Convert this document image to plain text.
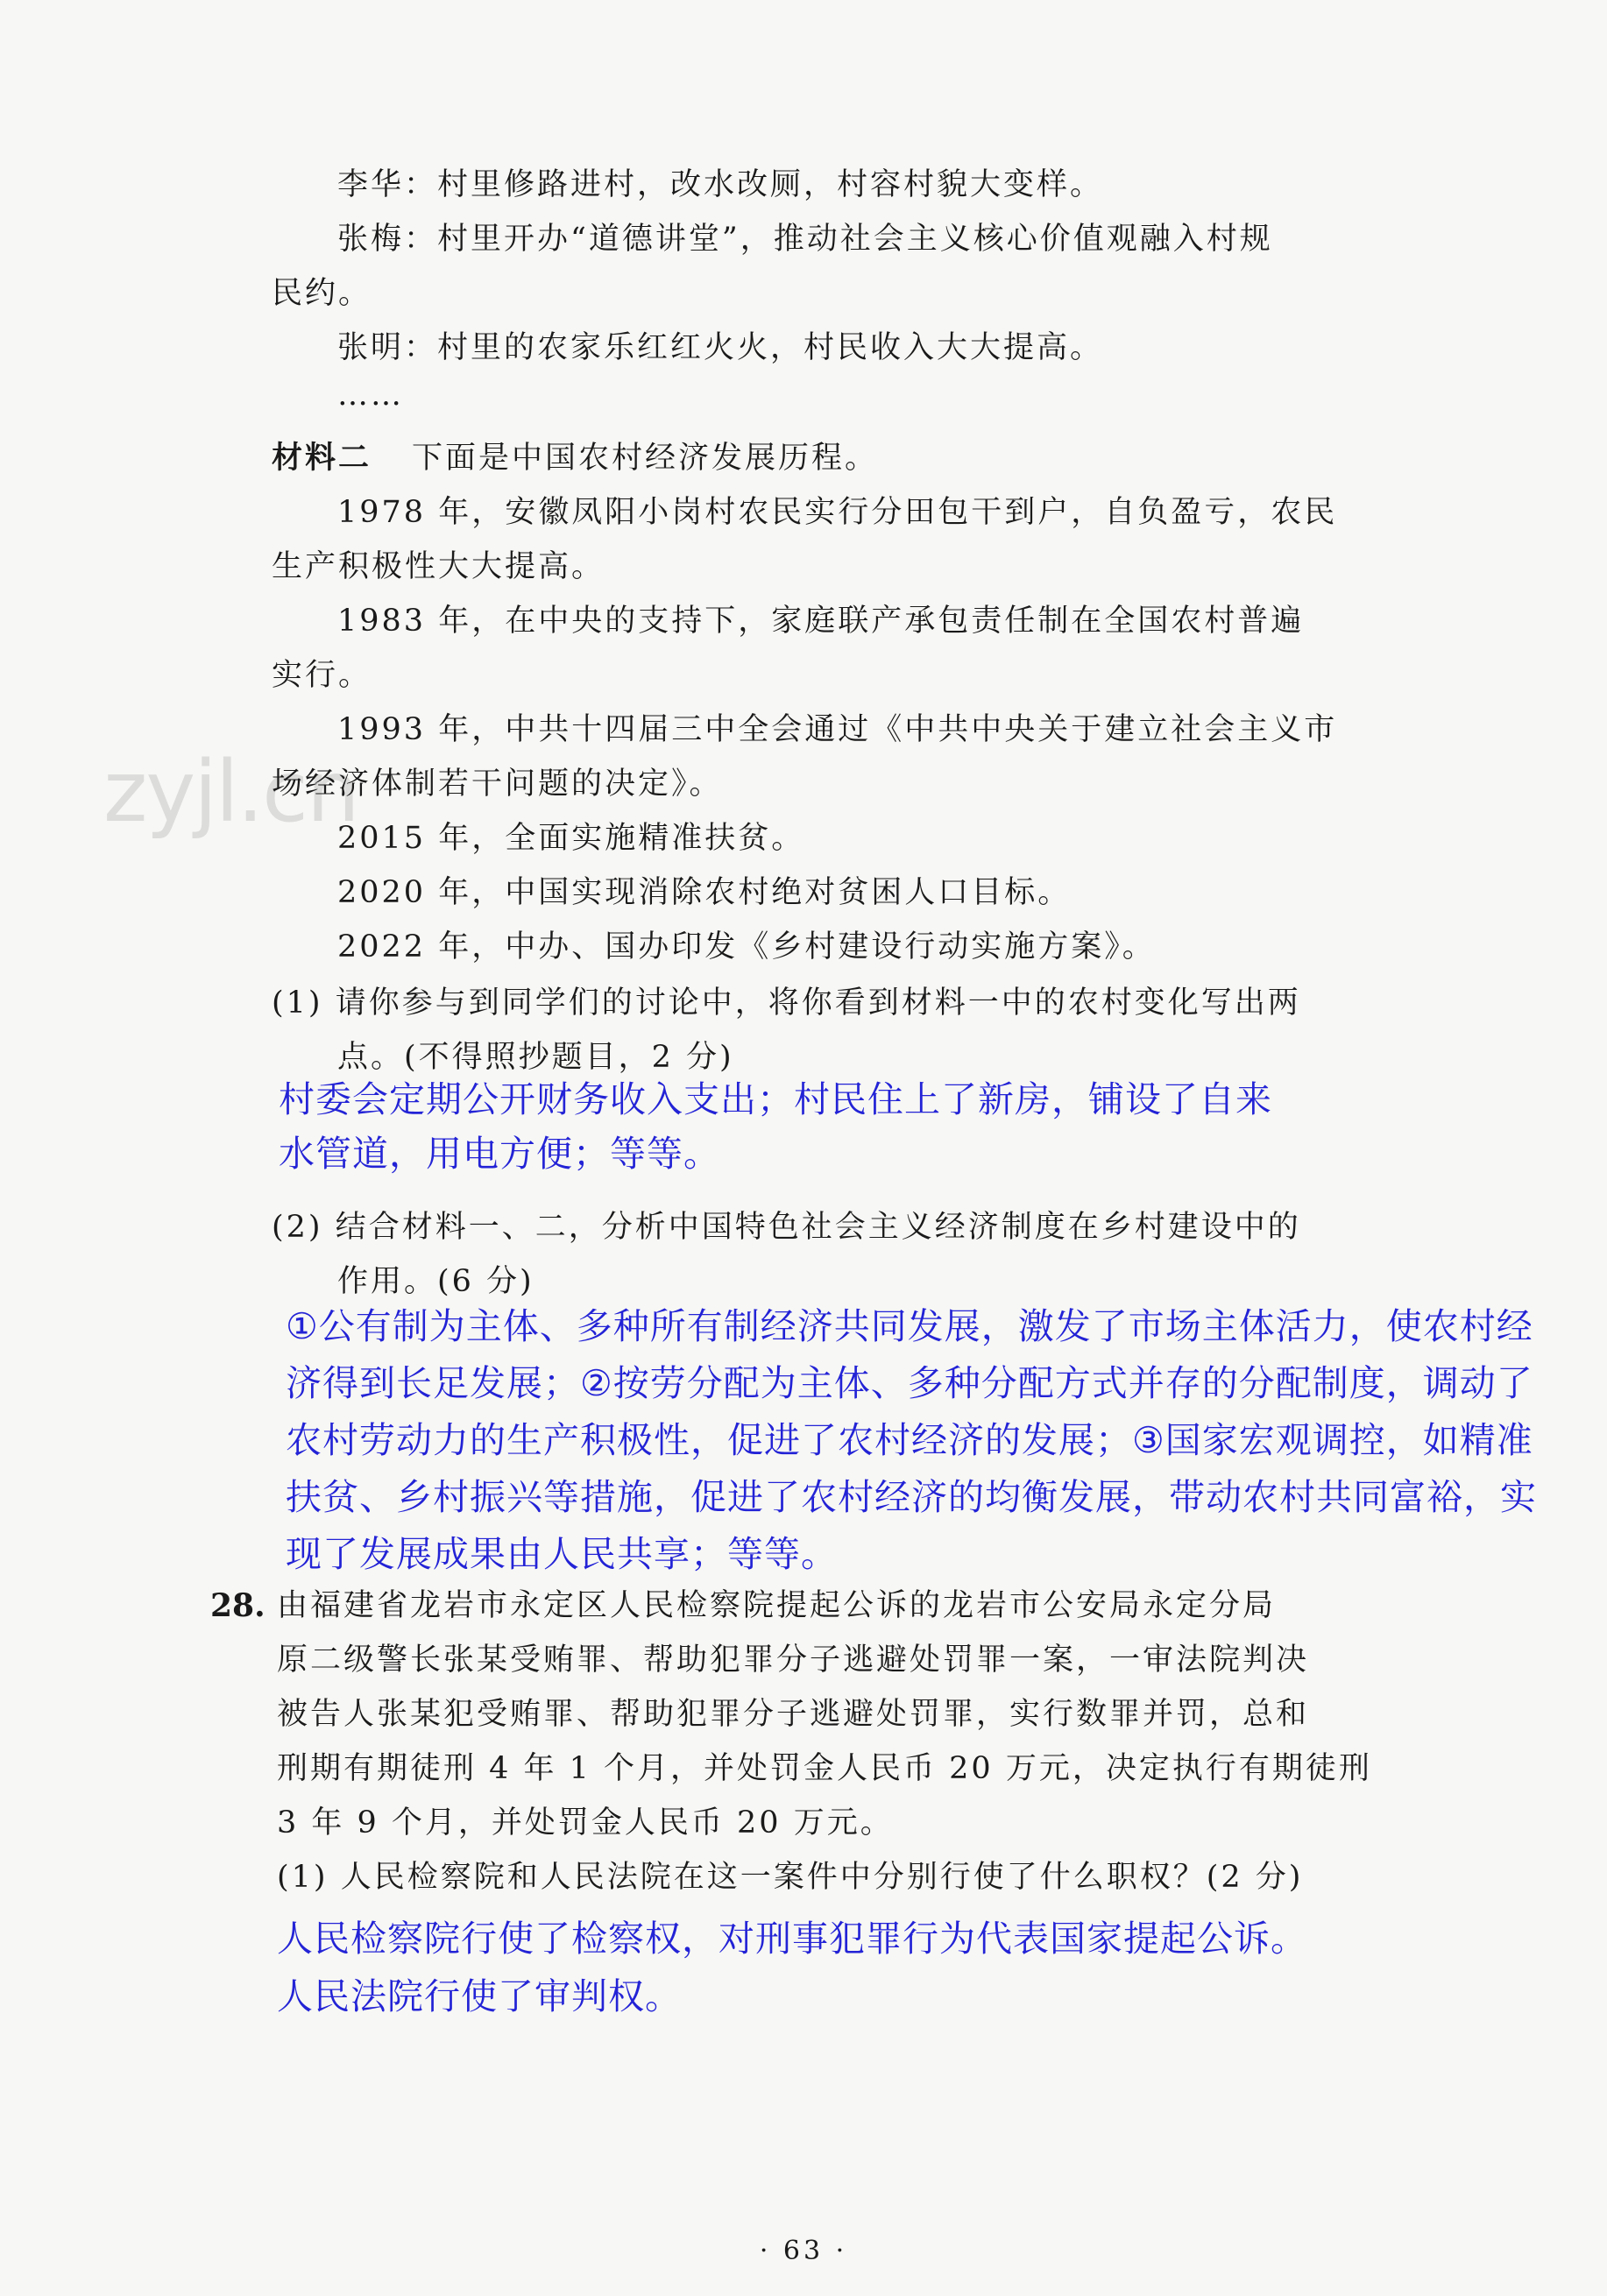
zyjl.cn
李华：村里修路进村，改水改厕，村容村貌大变样。
张梅：村里开办“道德讲堂”，推动社会主义核心价值观融入村规
民约。
张明：村里的农家乐红红火火，村民收入大大提高。
……
材料二 下面是中国农村经济发展历程。
1978 年，安徽凤阳小岗村农民实行分田包干到户，自负盈亏，农民
生产积极性大大提高。
1983 年，在中央的支持下，家庭联产承包责任制在全国农村普遍
实行。
1993 年，中共十四届三中全会通过《中共中央关于建立社会主义市
场经济体制若干问题的决定》。
2015 年，全面实施精准扶贫。
2020 年，中国实现消除农村绝对贫困人口目标。
2022 年，中办、国办印发《乡村建设行动实施方案》。
(1) 请你参与到同学们的讨论中，将你看到材料一中的农村变化写出两
点。(不得照抄题目，2 分)
村委会定期公开财务收入支出；村民住上了新房，铺设了自来
水管道，用电方便；等等。
(2) 结合材料一、二，分析中国特色社会主义经济制度在乡村建设中的
作用。(6 分)
①公有制为主体、多种所有制经济共同发展，激发了市场主体活力，使农村经
济得到长足发展；②按劳分配为主体、多种分配方式并存的分配制度，调动了
农村劳动力的生产积极性，促进了农村经济的发展；③国家宏观调控，如精准
扶贫、乡村振兴等措施，促进了农村经济的均衡发展，带动农村共同富裕，实
现了发展成果由人民共享；等等。
28. 由福建省龙岩市永定区人民检察院提起公诉的龙岩市公安局永定分局
原二级警长张某受贿罪、帮助犯罪分子逃避处罚罪一案，一审法院判决
被告人张某犯受贿罪、帮助犯罪分子逃避处罚罪，实行数罪并罚，总和
刑期有期徒刑 4 年 1 个月，并处罚金人民币 20 万元，决定执行有期徒刑
3 年 9 个月，并处罚金人民币 20 万元。
(1) 人民检察院和人民法院在这一案件中分别行使了什么职权？(2 分)
人民检察院行使了检察权，对刑事犯罪行为代表国家提起公诉。
人民法院行使了审判权。
· 63 ·
